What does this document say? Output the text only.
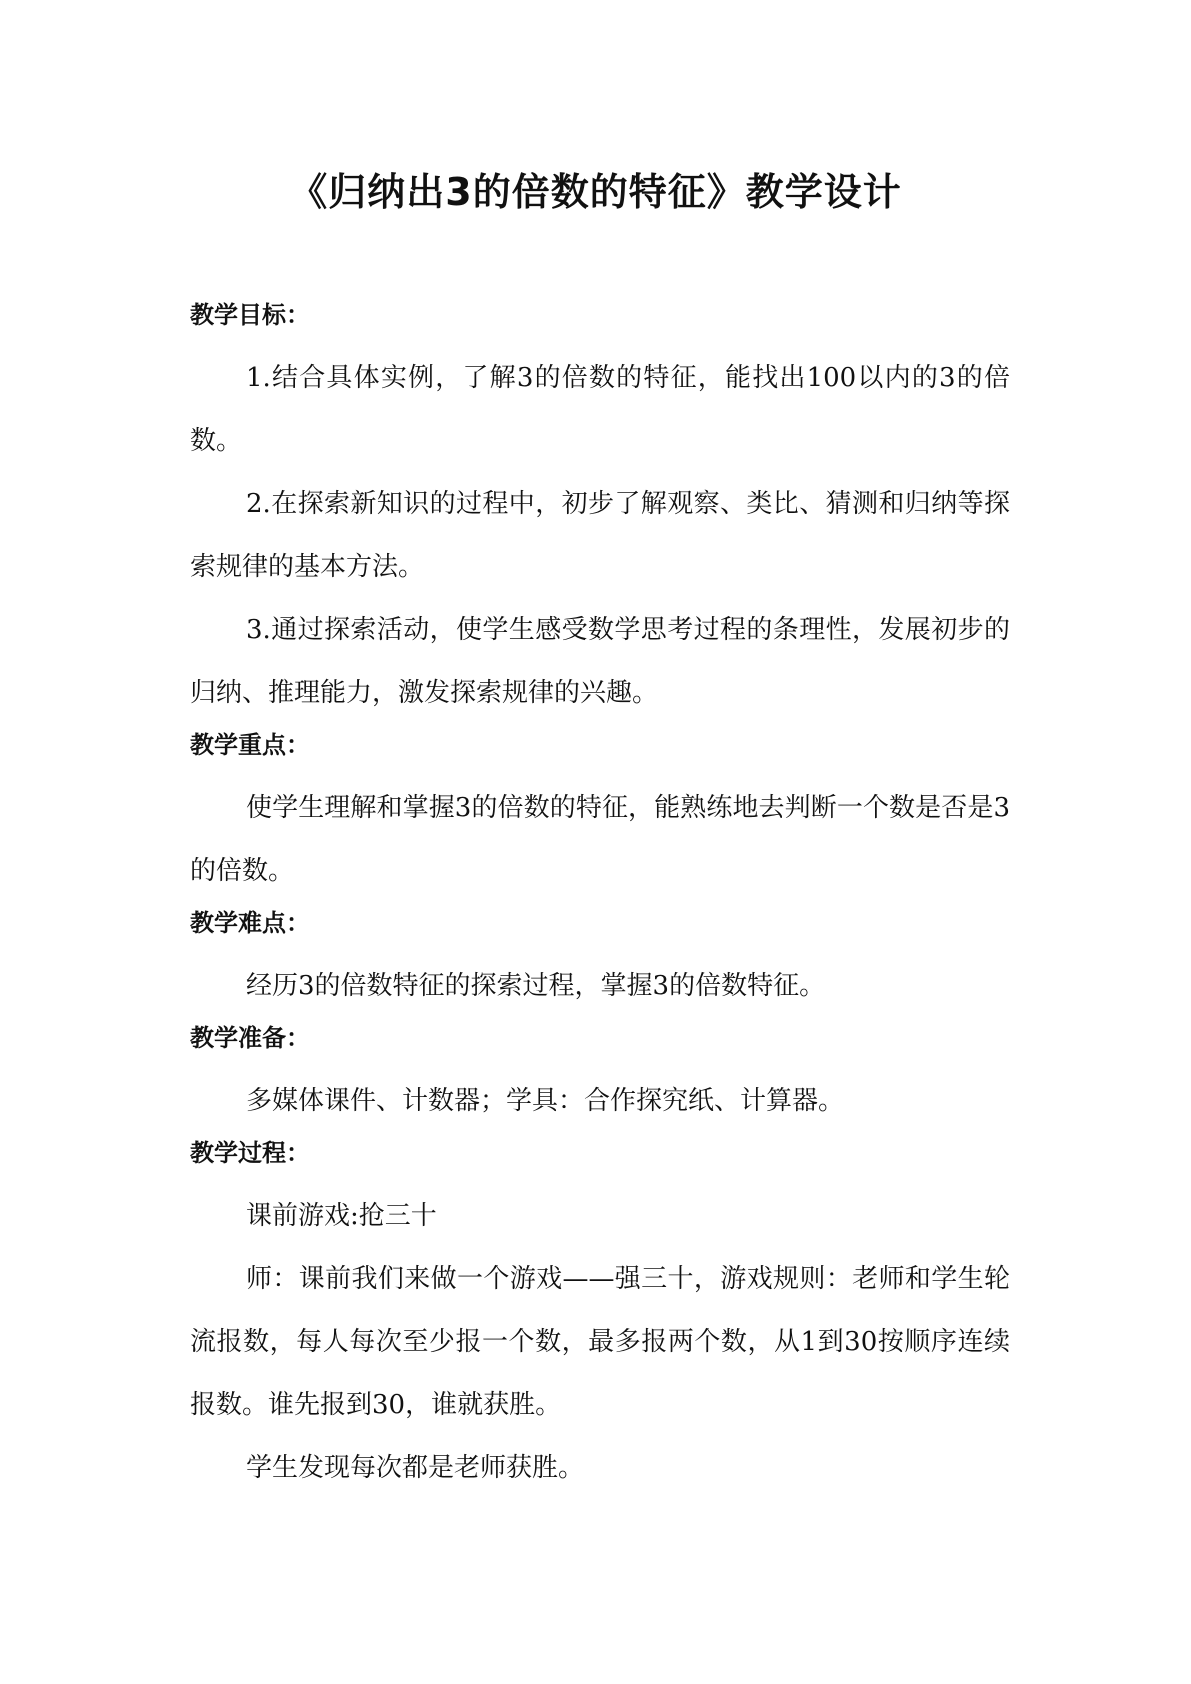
《归纳出3的倍数的特征》教学设计
教学目标：

1.结合具体实例，了解3的倍数的特征，能找出100以内的3的倍数。

2.在探索新知识的过程中，初步了解观察、类比、猜测和归纳等探索规律的基本方法。

3.通过探索活动，使学生感受数学思考过程的条理性，发展初步的归纳、推理能力，激发探索规律的兴趣。

教学重点：

使学生理解和掌握3的倍数的特征，能熟练地去判断一个数是否是3的倍数。

教学难点：

经历3的倍数特征的探索过程，掌握3的倍数特征。

教学准备：

多媒体课件、计数器；学具：合作探究纸、计算器。

教学过程：

课前游戏:抢三十

师：课前我们来做一个游戏——强三十，游戏规则：老师和学生轮流报数，每人每次至少报一个数，最多报两个数，从1到30按顺序连续报数。谁先报到30，谁就获胜。

学生发现每次都是老师获胜。
